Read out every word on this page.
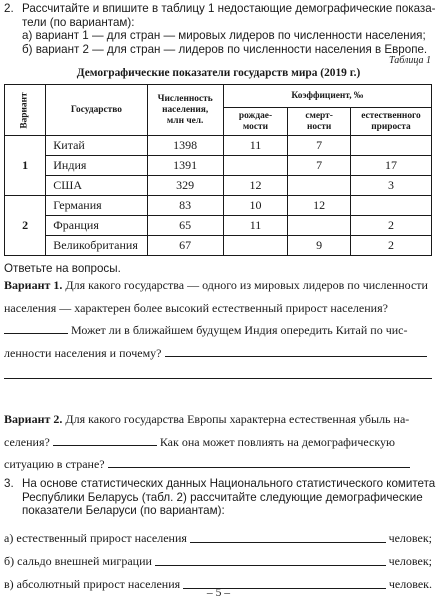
2. Рассчитайте и впишите в таблицу 1 недостающие демографические показа-
тели (по вариантам):
а) вариант 1 — для стран — мировых лидеров по численности населения;
б) вариант 2 — для стран — лидеров по численности населения в Европе.
Таблица 1
Демографические показатели государств мира (2019 г.)
Вариант	Государство	Численность
населения,
млн чел.	Коэффициент, ‰		
			рождае-
мости	смерт-
ности	естественного
прироста
1	Китай	1398	11	7	
	Индия	1391		7	17
	США	329	12		3
2	Германия	83	10	12	
	Франция	65	11		2
	Великобритания	67		9	2
Ответьте на вопросы.
Вариант 1. Для какого государства — одного из мировых лидеров по численности
населения — характерен более высокий естественный прирост населения?
Может ли в ближайшем будущем Индия опередить Китай по чис-
ленности населения и почему?
Вариант 2. Для какого государства Европы характерна естественная убыль на-
селения?	Как она может повлиять на демографическую
ситуацию в стране?
3. На основе статистических данных Национального статистического комитета
Республики Беларусь (табл. 2) рассчитайте следующие демографические
показатели Беларуси (по вариантам):
а) естественный прирост населения	человек;
б) сальдо внешней миграции	человек;
в) абсолютный прирост населения	человек.
– 5 –
